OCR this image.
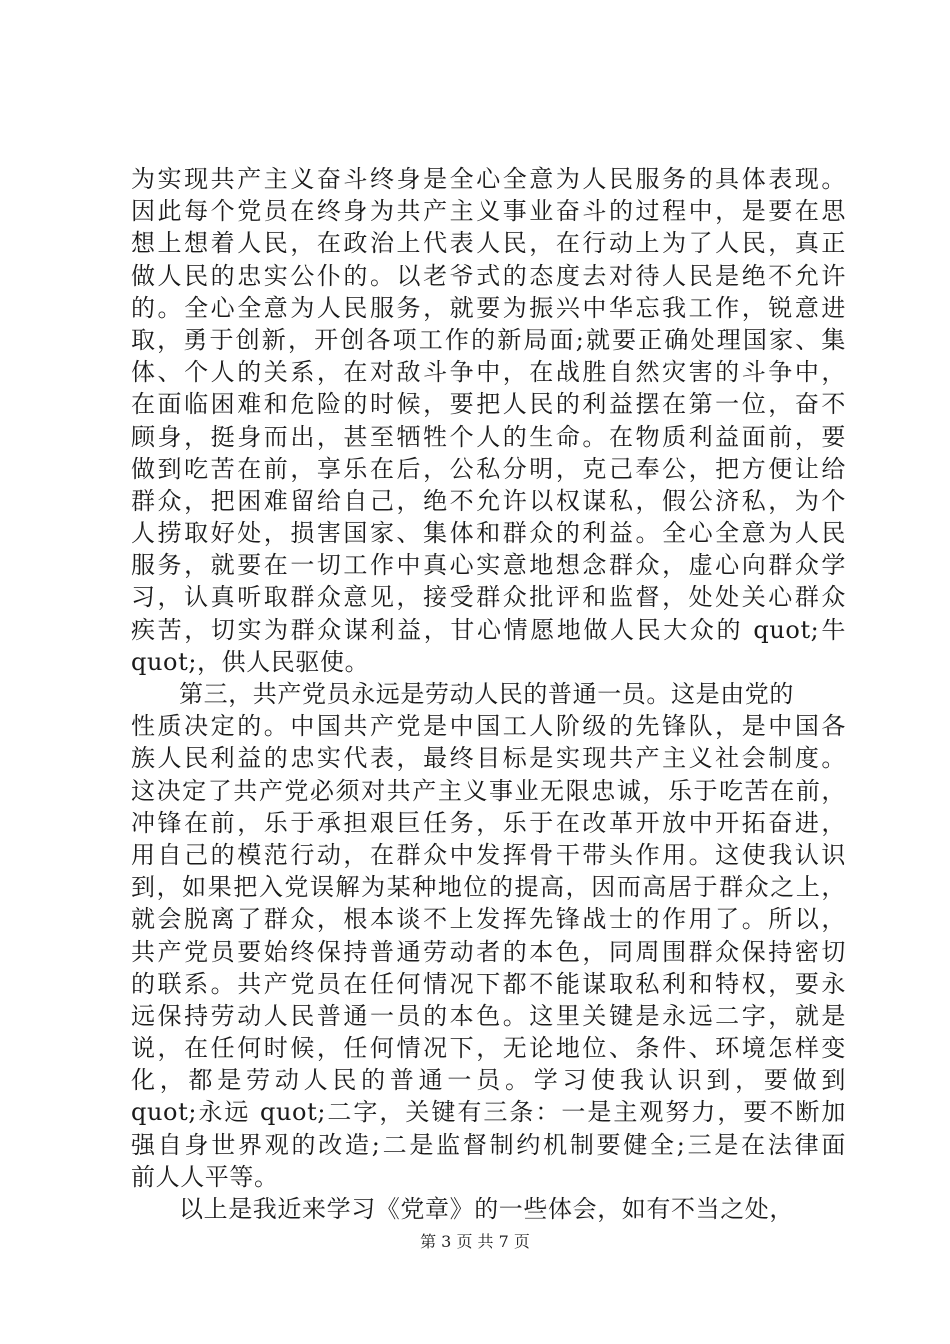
为实现共产主义奋斗终身是全心全意为人民服务的具体表现。
因此每个党员在终身为共产主义事业奋斗的过程中，是要在思
想上想着人民，在政治上代表人民，在行动上为了人民，真正
做人民的忠实公仆的。以老爷式的态度去对待人民是绝不允许
的。全心全意为人民服务，就要为振兴中华忘我工作，锐意进
取，勇于创新，开创各项工作的新局面;就要正确处理国家、集
体、个人的关系，在对敌斗争中，在战胜自然灾害的斗争中，
在面临困难和危险的时候，要把人民的利益摆在第一位，奋不
顾身，挺身而出，甚至牺牲个人的生命。在物质利益面前，要
做到吃苦在前，享乐在后，公私分明，克己奉公，把方便让给
群众，把困难留给自己，绝不允许以权谋私，假公济私，为个
人捞取好处，损害国家、集体和群众的利益。全心全意为人民
服务，就要在一切工作中真心实意地想念群众，虚心向群众学
习，认真听取群众意见，接受群众批评和监督，处处关心群众
疾苦，切实为群众谋利益，甘心情愿地做人民大众的 quot;牛
quot;，供人民驱使。
第三，共产党员永远是劳动人民的普通一员。这是由党的
性质决定的。中国共产党是中国工人阶级的先锋队，是中国各
族人民利益的忠实代表，最终目标是实现共产主义社会制度。
这决定了共产党必须对共产主义事业无限忠诚，乐于吃苦在前，
冲锋在前，乐于承担艰巨任务，乐于在改革开放中开拓奋进，
用自己的模范行动，在群众中发挥骨干带头作用。这使我认识
到，如果把入党误解为某种地位的提高，因而高居于群众之上，
就会脱离了群众，根本谈不上发挥先锋战士的作用了。所以，
共产党员要始终保持普通劳动者的本色，同周围群众保持密切
的联系。共产党员在任何情况下都不能谋取私利和特权，要永
远保持劳动人民普通一员的本色。这里关键是永远二字，就是
说，在任何时候，任何情况下，无论地位、条件、环境怎样变
化，都是劳动人民的普通一员。学习使我认识到，要做到
quot;永远 quot;二字，关键有三条：一是主观努力，要不断加
强自身世界观的改造;二是监督制约机制要健全;三是在法律面
前人人平等。
以上是我近来学习《党章》的一些体会，如有不当之处，
第 3 页 共 7 页
